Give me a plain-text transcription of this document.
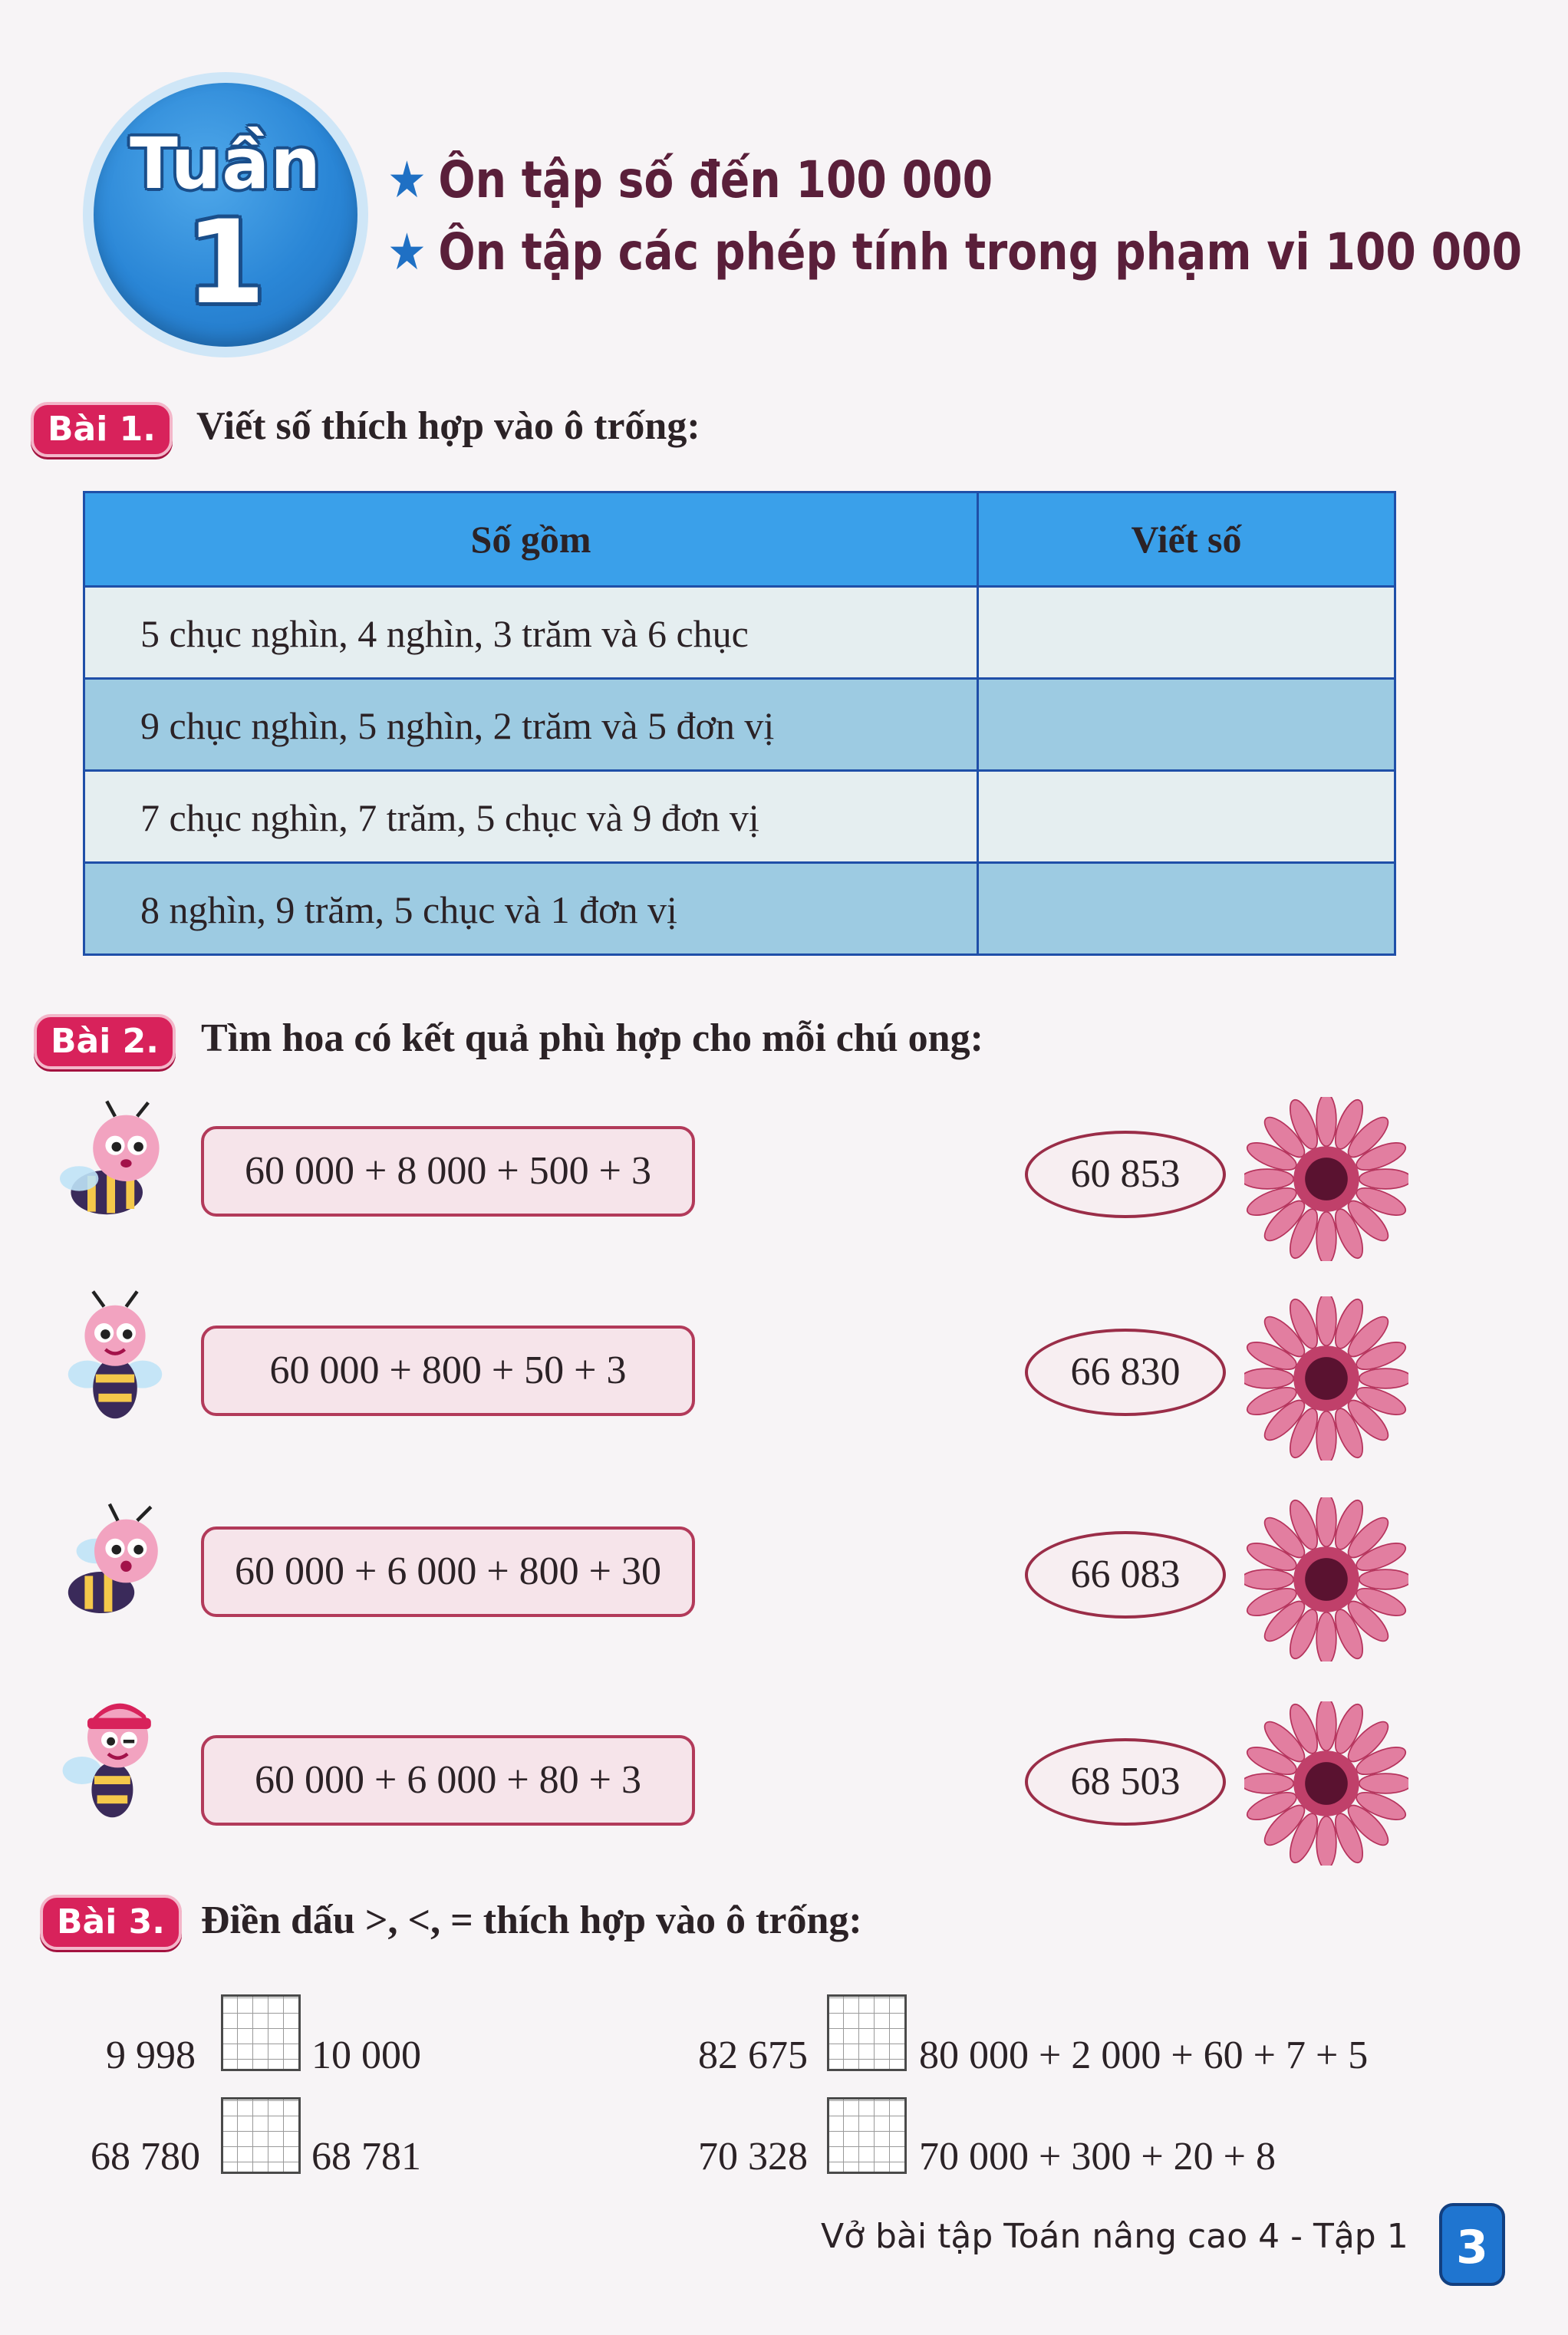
Tuần
1
★ Ôn tập số đến 100 000
★ Ôn tập các phép tính trong phạm vi 100 000
Bài 1.	Viết số thích hợp vào ô trống:
Số gồm	Viết số
5 chục nghìn, 4 nghìn, 3 trăm và 6 chục
9 chục nghìn, 5 nghìn, 2 trăm và 5 đơn vị
7 chục nghìn, 7 trăm, 5 chục và 9 đơn vị
8 nghìn, 9 trăm, 5 chục và 1 đơn vị
Bài 2.	Tìm hoa có kết quả phù hợp cho mỗi chú ong:
60 000 + 8 000 + 500 + 3	60 853
60 000 + 800 + 50 + 3	66 830
60 000 + 6 000 + 800 + 30	66 083
60 000 + 6 000 + 80 + 3	68 503
Bài 3. Điền dấu >, <, = thích hợp vào ô trống:
9 998	10 000	82 675	80 000 + 2 000 + 60 + 7 + 5
68 780	68 781	70 328	70 000 + 300 + 20 + 8
Vở bài tập Toán nâng cao 4 - Tập 1	3
